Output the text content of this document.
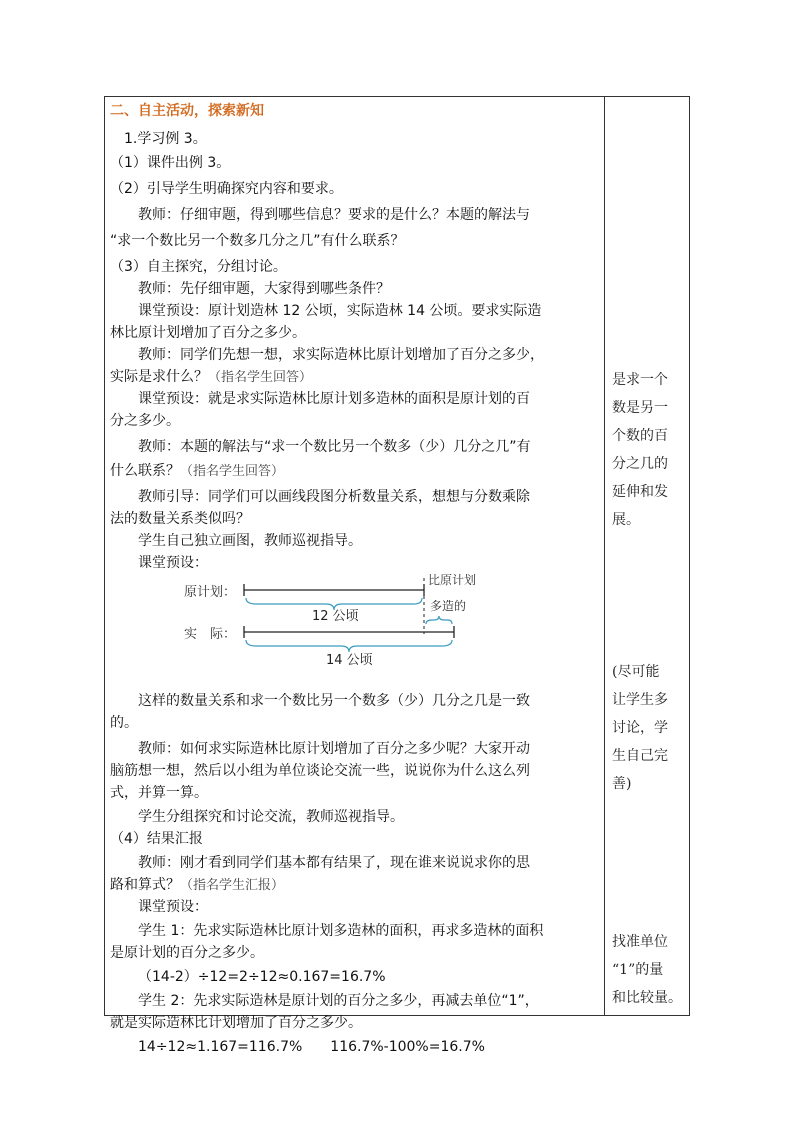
二、自主活动，探索新知
1.学习例 3。
（1）课件出例 3。
（2）引导学生明确探究内容和要求。
教师：仔细审题，得到哪些信息？要求的是什么？本题的解法与
“求一个数比另一个数多几分之几”有什么联系？
（3）自主探究，分组讨论。
教师：先仔细审题，大家得到哪些条件？
课堂预设：原计划造林 12 公顷，实际造林 14 公顷。要求实际造
林比原计划增加了百分之多少。
教师：同学们先想一想，求实际造林比原计划增加了百分之多少，
实际是求什么？（指名学生回答）
课堂预设：就是求实际造林比原计划多造林的面积是原计划的百
分之多少。
教师：本题的解法与“求一个数比另一个数多（少）几分之几”有
什么联系？（指名学生回答）
教师引导：同学们可以画线段图分析数量关系，想想与分数乘除
法的数量关系类似吗？
学生自己独立画图，教师巡视指导。
课堂预设：
这样的数量关系和求一个数比另一个数多（少）几分之几是一致
的。
教师：如何求实际造林比原计划增加了百分之多少呢？大家开动
脑筋想一想，然后以小组为单位谈论交流一些，说说你为什么这么列
式，并算一算。
学生分组探究和讨论交流，教师巡视指导。
（4）结果汇报
教师：刚才看到同学们基本都有结果了，现在谁来说说求你的思
路和算式？（指名学生汇报）
课堂预设：
学生 1：先求实际造林比原计划多造林的面积，再求多造林的面积
是原计划的百分之多少。
（14-2）÷12=2÷12≈0.167=16.7%
学生 2：先求实际造林是原计划的百分之多少，再减去单位“1”，
就是实际造林比计划增加了百分之多少。
14÷12≈1.167=116.7%　　116.7%-100%=16.7%
原计划：
实　际：
12 公顷
14 公顷
比原计划
多造的
是求一个
数是另一
个数的百
分之几的
延伸和发
展。
(尽可能
让学生多
讨论，学
生自己完
善)
找准单位
“1”的量
和比较量。
